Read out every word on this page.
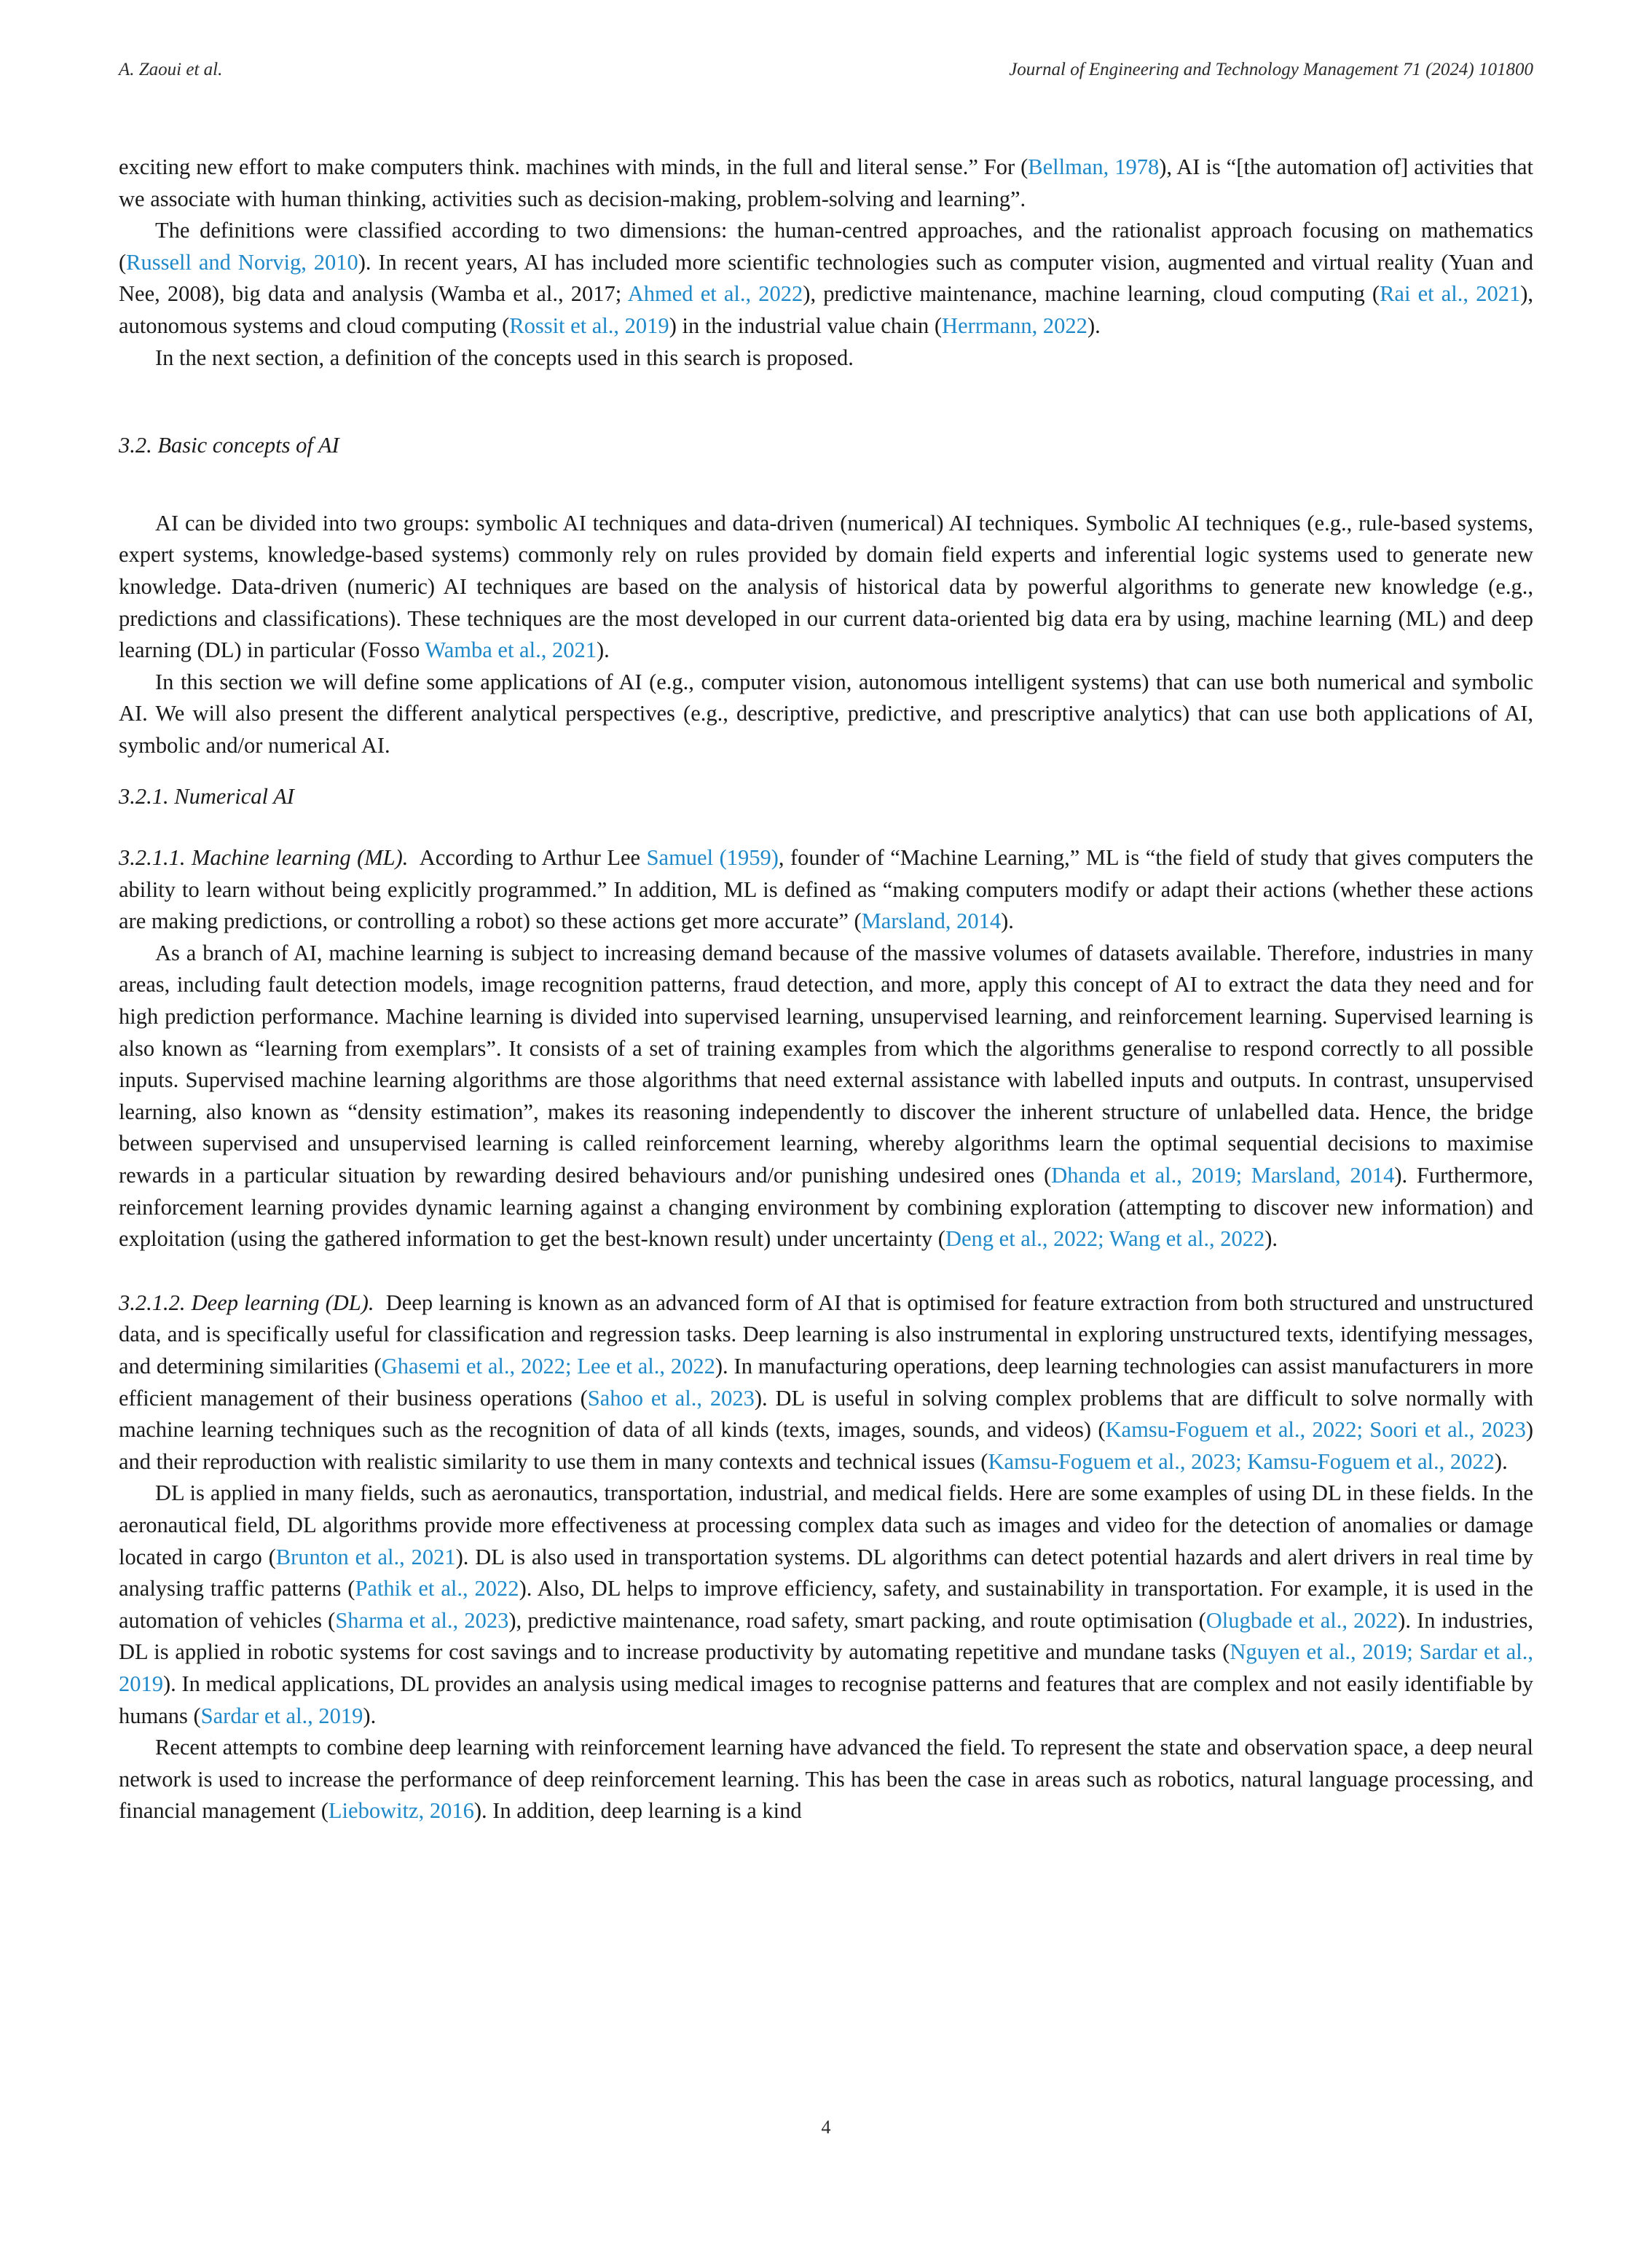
A. Zaoui et al.	Journal of Engineering and Technology Management 71 (2024) 101800

exciting new effort to make computers think. machines with minds, in the full and literal sense.” For (Bellman, 1978), AI is “[the automation of] activities that we associate with human thinking, activities such as decision-making, problem-solving and learning”.

The definitions were classified according to two dimensions: the human-centred approaches, and the rationalist approach focusing on mathematics (Russell and Norvig, 2010). In recent years, AI has included more scientific technologies such as computer vision, augmented and virtual reality (Yuan and Nee, 2008), big data and analysis (Wamba et al., 2017; Ahmed et al., 2022), predictive maintenance, machine learning, cloud computing (Rai et al., 2021), autonomous systems and cloud computing (Rossit et al., 2019) in the industrial value chain (Herrmann, 2022).

In the next section, a definition of the concepts used in this search is proposed.

3.2. Basic concepts of AI

AI can be divided into two groups: symbolic AI techniques and data-driven (numerical) AI techniques. Symbolic AI techniques (e.g., rule-based systems, expert systems, knowledge-based systems) commonly rely on rules provided by domain field experts and inferential logic systems used to generate new knowledge. Data-driven (numeric) AI techniques are based on the analysis of historical data by powerful algorithms to generate new knowledge (e.g., predictions and classifications). These techniques are the most developed in our current data-oriented big data era by using, machine learning (ML) and deep learning (DL) in particular (Fosso Wamba et al., 2021).

In this section we will define some applications of AI (e.g., computer vision, autonomous intelligent systems) that can use both numerical and symbolic AI. We will also present the different analytical perspectives (e.g., descriptive, predictive, and prescriptive analytics) that can use both applications of AI, symbolic and/or numerical AI.

3.2.1. Numerical AI

3.2.1.1. Machine learning (ML).  According to Arthur Lee Samuel (1959), founder of “Machine Learning,” ML is “the field of study that gives computers the ability to learn without being explicitly programmed.” In addition, ML is defined as “making computers modify or adapt their actions (whether these actions are making predictions, or controlling a robot) so these actions get more accurate” (Marsland, 2014).

As a branch of AI, machine learning is subject to increasing demand because of the massive volumes of datasets available. Therefore, industries in many areas, including fault detection models, image recognition patterns, fraud detection, and more, apply this concept of AI to extract the data they need and for high prediction performance. Machine learning is divided into supervised learning, unsupervised learning, and reinforcement learning. Supervised learning is also known as “learning from exemplars”. It consists of a set of training examples from which the algorithms generalise to respond correctly to all possible inputs. Supervised machine learning algorithms are those algorithms that need external assistance with labelled inputs and outputs. In contrast, unsupervised learning, also known as “density estimation”, makes its reasoning independently to discover the inherent structure of unlabelled data. Hence, the bridge between supervised and unsupervised learning is called reinforcement learning, whereby algorithms learn the optimal sequential decisions to maximise rewards in a particular situation by rewarding desired behaviours and/or punishing undesired ones (Dhanda et al., 2019; Marsland, 2014). Furthermore, reinforcement learning provides dynamic learning against a changing environment by combining exploration (attempting to discover new information) and exploitation (using the gathered information to get the best-known result) under uncertainty (Deng et al., 2022; Wang et al., 2022).

3.2.1.2. Deep learning (DL).  Deep learning is known as an advanced form of AI that is optimised for feature extraction from both structured and unstructured data, and is specifically useful for classification and regression tasks. Deep learning is also instrumental in exploring unstructured texts, identifying messages, and determining similarities (Ghasemi et al., 2022; Lee et al., 2022). In manufacturing operations, deep learning technologies can assist manufacturers in more efficient management of their business operations (Sahoo et al., 2023). DL is useful in solving complex problems that are difficult to solve normally with machine learning techniques such as the recognition of data of all kinds (texts, images, sounds, and videos) (Kamsu-Foguem et al., 2022; Soori et al., 2023) and their reproduction with realistic similarity to use them in many contexts and technical issues (Kamsu-Foguem et al., 2023; Kamsu-Foguem et al., 2022).

DL is applied in many fields, such as aeronautics, transportation, industrial, and medical fields. Here are some examples of using DL in these fields. In the aeronautical field, DL algorithms provide more effectiveness at processing complex data such as images and video for the detection of anomalies or damage located in cargo (Brunton et al., 2021). DL is also used in transportation systems. DL algorithms can detect potential hazards and alert drivers in real time by analysing traffic patterns (Pathik et al., 2022). Also, DL helps to improve efficiency, safety, and sustainability in transportation. For example, it is used in the automation of vehicles (Sharma et al., 2023), predictive maintenance, road safety, smart packing, and route optimisation (Olugbade et al., 2022). In industries, DL is applied in robotic systems for cost savings and to increase productivity by automating repetitive and mundane tasks (Nguyen et al., 2019; Sardar et al., 2019). In medical applications, DL provides an analysis using medical images to recognise patterns and features that are complex and not easily identifiable by humans (Sardar et al., 2019).

Recent attempts to combine deep learning with reinforcement learning have advanced the field. To represent the state and observation space, a deep neural network is used to increase the performance of deep reinforcement learning. This has been the case in areas such as robotics, natural language processing, and financial management (Liebowitz, 2016). In addition, deep learning is a kind

4
